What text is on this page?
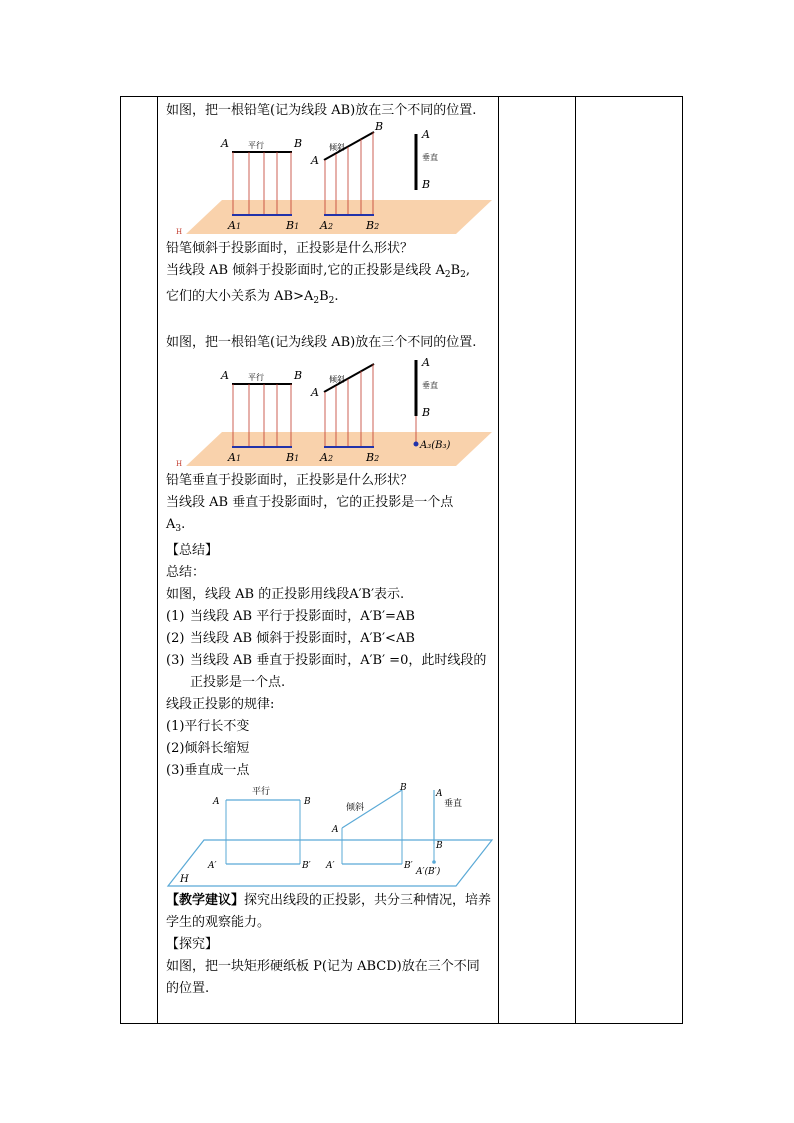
如图，把一根铅笔(记为线段 AB)放在三个不同的位置.
H
A 平行	B
A1	B1
A
倾斜
B
A2	B2
A
垂直
B
铅笔倾斜于投影面时，正投影是什么形状？
当线段 AB 倾斜于投影面时,它的正投影是线段 $A_2B_2$,
它们的大小关系为 $AB>A_2B_2$.
如图，把一根铅笔(记为线段 AB)放在三个不同的位置.
H
A 平行	B
A1	B1
A
倾斜
A2	B2
A
垂直
B
A₃(B₃)
铅笔垂直于投影面时，正投影是什么形状？
当线段 AB 垂直于投影面时，它的正投影是一个点
$A_3$.
【总结】
总结：
如图，线段 AB 的正投影用线段A′B′表示.
(1) 当线段 AB 平行于投影面时，A′B′=AB
(2) 当线段 AB 倾斜于投影面时，A′B′<AB
(3) 当线段 AB 垂直于投影面时，A′B′ =0，此时线段的正投影是一个点.
线段正投影的规律:
(1)平行长不变
(2)倾斜长缩短
(3)垂直成一点
H
平行
A	B
A′	B′
倾斜
A
B
A′	B′
A
垂直
B
A′(B′)
【教学建议】探究出线段的正投影，共分三种情况，培养学生的观察能力。
【探究】
如图，把一块矩形硬纸板 P(记为 ABCD)放在三个不同的位置.
